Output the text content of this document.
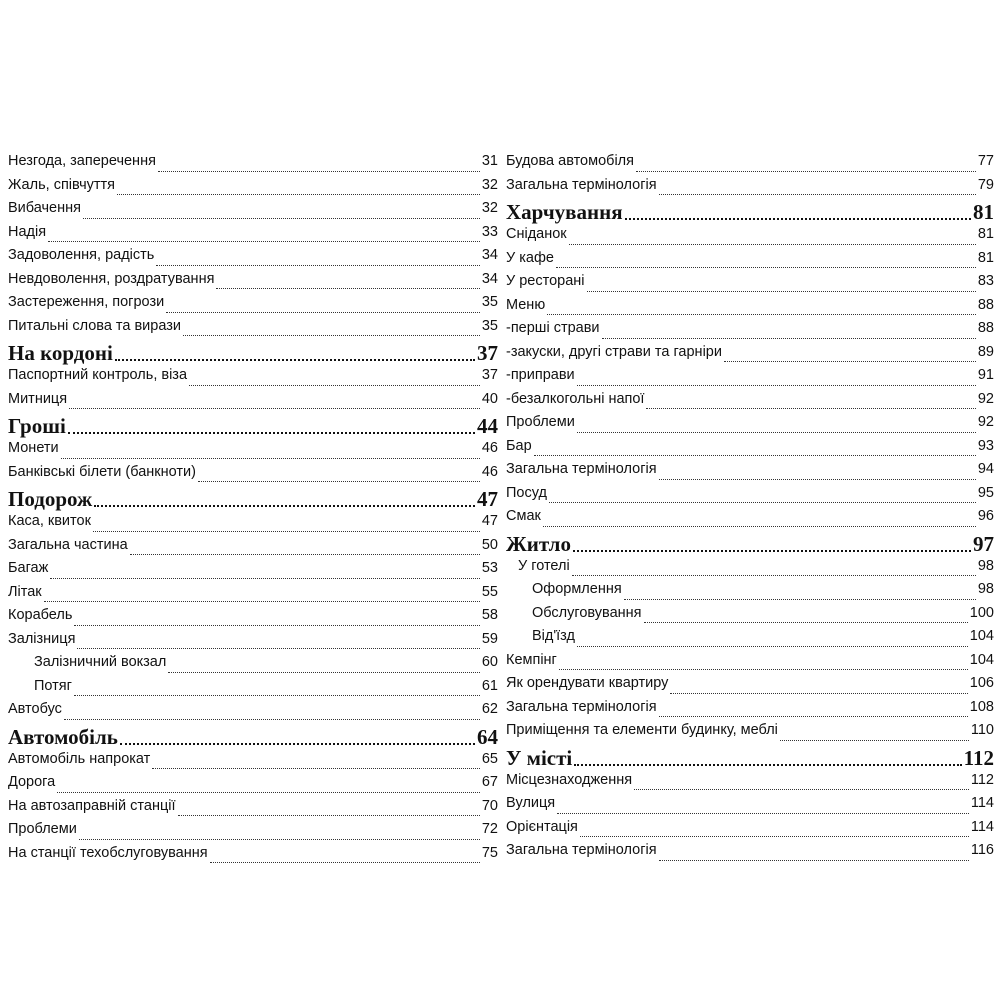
Незгода, заперечення	31
Жаль, співчуття	32
Вибачення	32
Надія	33
Задоволення, радість	34
Невдоволення, роздратування	34
Застереження, погрози	35
Питальні слова та вирази	35
На кордоні	37
Паспортний контроль, віза	37
Митниця	40
Гроші	44
Монети	46
Банківські білети (банкноти)	46
Подорож	47
Каса, квиток	47
Загальна частина	50
Багаж	53
Літак	55
Корабель	58
Залізниця	59
Залізничний вокзал	60
Потяг	61
Автобус	62
Автомобіль	64
Автомобіль напрокат	65
Дорога	67
На автозаправній станції	70
Проблеми	72
На станції техобслуговування	75
Будова автомобіля	77
Загальна термінологія	79
Харчування	81
Сніданок	81
У кафе	81
У ресторані	83
Меню	88
-перші страви	88
-закуски, другі страви та гарніри	89
-приправи	91
-безалкогольні напої	92
Проблеми	92
Бар	93
Загальна термінологія	94
Посуд	95
Смак	96
Житло	97
У готелі	98
Оформлення	98
Обслуговування	100
Від'їзд	104
Кемпінг	104
Як орендувати квартиру	106
Загальна термінологія	108
Приміщення та елементи будинку, меблі	110
У місті	112
Місцезнаходження	112
Вулиця	114
Орієнтація	114
Загальна термінологія	116
